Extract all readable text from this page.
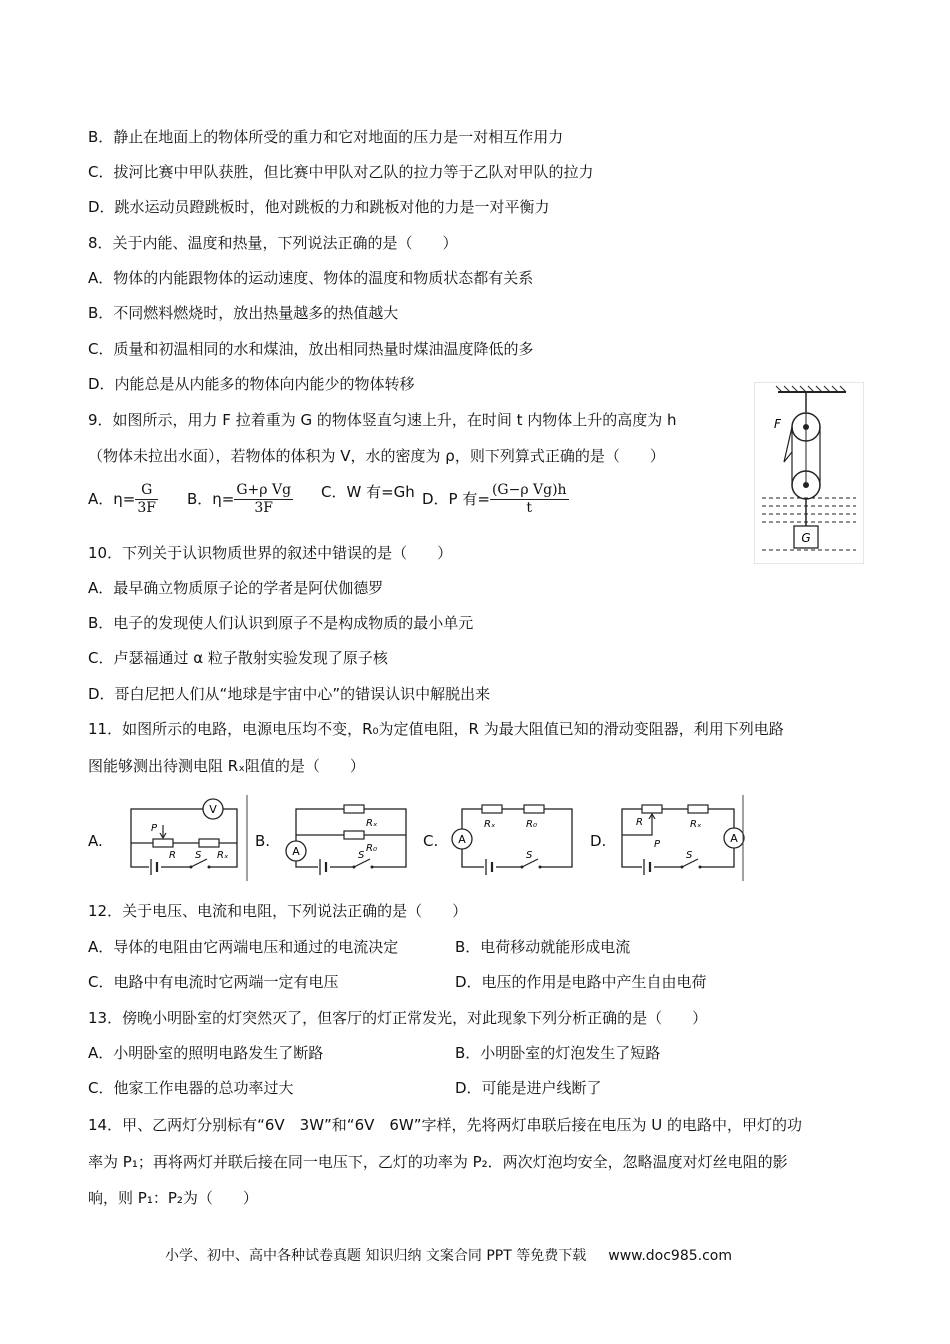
B．静止在地面上的物体所受的重力和它对地面的压力是一对相互作用力
C．拔河比赛中甲队获胜，但比赛中甲队对乙队的拉力等于乙队对甲队的拉力
D．跳水运动员蹬跳板时，他对跳板的力和跳板对他的力是一对平衡力
8．关于内能、温度和热量，下列说法正确的是（　　）
A．物体的内能跟物体的运动速度、物体的温度和物质状态都有关系
B．不同燃料燃烧时，放出热量越多的热值越大
C．质量和初温相同的水和煤油，放出相同热量时煤油温度降低的多
D．内能总是从内能多的物体向内能少的物体转移
9．如图所示，用力 F 拉着重为 G 的物体竖直匀速上升，在时间 t 内物体上升的高度为 h
（物体未拉出水面），若物体的体积为 V，水的密度为 ρ，则下列算式正确的是（　　）
A．$\eta= \frac{G}{3F}$ B．$\eta= \frac{\text{G+ρ Vg}}{3F}$ C．W 有=Gh D．P 有= $\frac{\text{(G−ρ Vg)h}}{t}$
G
F
10．下列关于认识物质世界的叙述中错误的是（　　）
A．最早确立物质原子论的学者是阿伏伽德罗
B．电子的发现使人们认识到原子不是构成物质的最小单元
C．卢瑟福通过 α 粒子散射实验发现了原子核
D．哥白尼把人们从“地球是宇宙中心”的错误认识中解脱出来
11．如图所示的电路，电源电压均不变，R₀为定值电阻，R 为最大阻值已知的滑动变阻器，利用下列电路
图能够测出待测电阻 Rₓ阻值的是（　　）
A.	B.	C.	D.
V
P
R	Rₓ
S
Rₓ
R₀
A	S
Rₓ	R₀
A
S
R	Rₓ
P	A
S
12．关于电压、电流和电阻，下列说法正确的是（　　）
A．导体的电阻由它两端电压和通过的电流决定	B．电荷移动就能形成电流
C．电路中有电流时它两端一定有电压	D．电压的作用是电路中产生自由电荷
13．傍晚小明卧室的灯突然灭了，但客厅的灯正常发光，对此现象下列分析正确的是（　　）
A．小明卧室的照明电路发生了断路	B．小明卧室的灯泡发生了短路
C．他家工作电器的总功率过大	D．可能是进户线断了
14．甲、乙两灯分别标有“6V　3W”和“6V　6W”字样，先将两灯串联后接在电压为 U 的电路中，甲灯的功
率为 P₁；再将两灯并联后接在同一电压下，乙灯的功率为 P₂．两次灯泡均安全，忽略温度对灯丝电阻的影
响，则 P₁：P₂为（　　）
小学、初中、高中各种试卷真题 知识归纳 文案合同 PPT 等免费下载 www.doc985.com
